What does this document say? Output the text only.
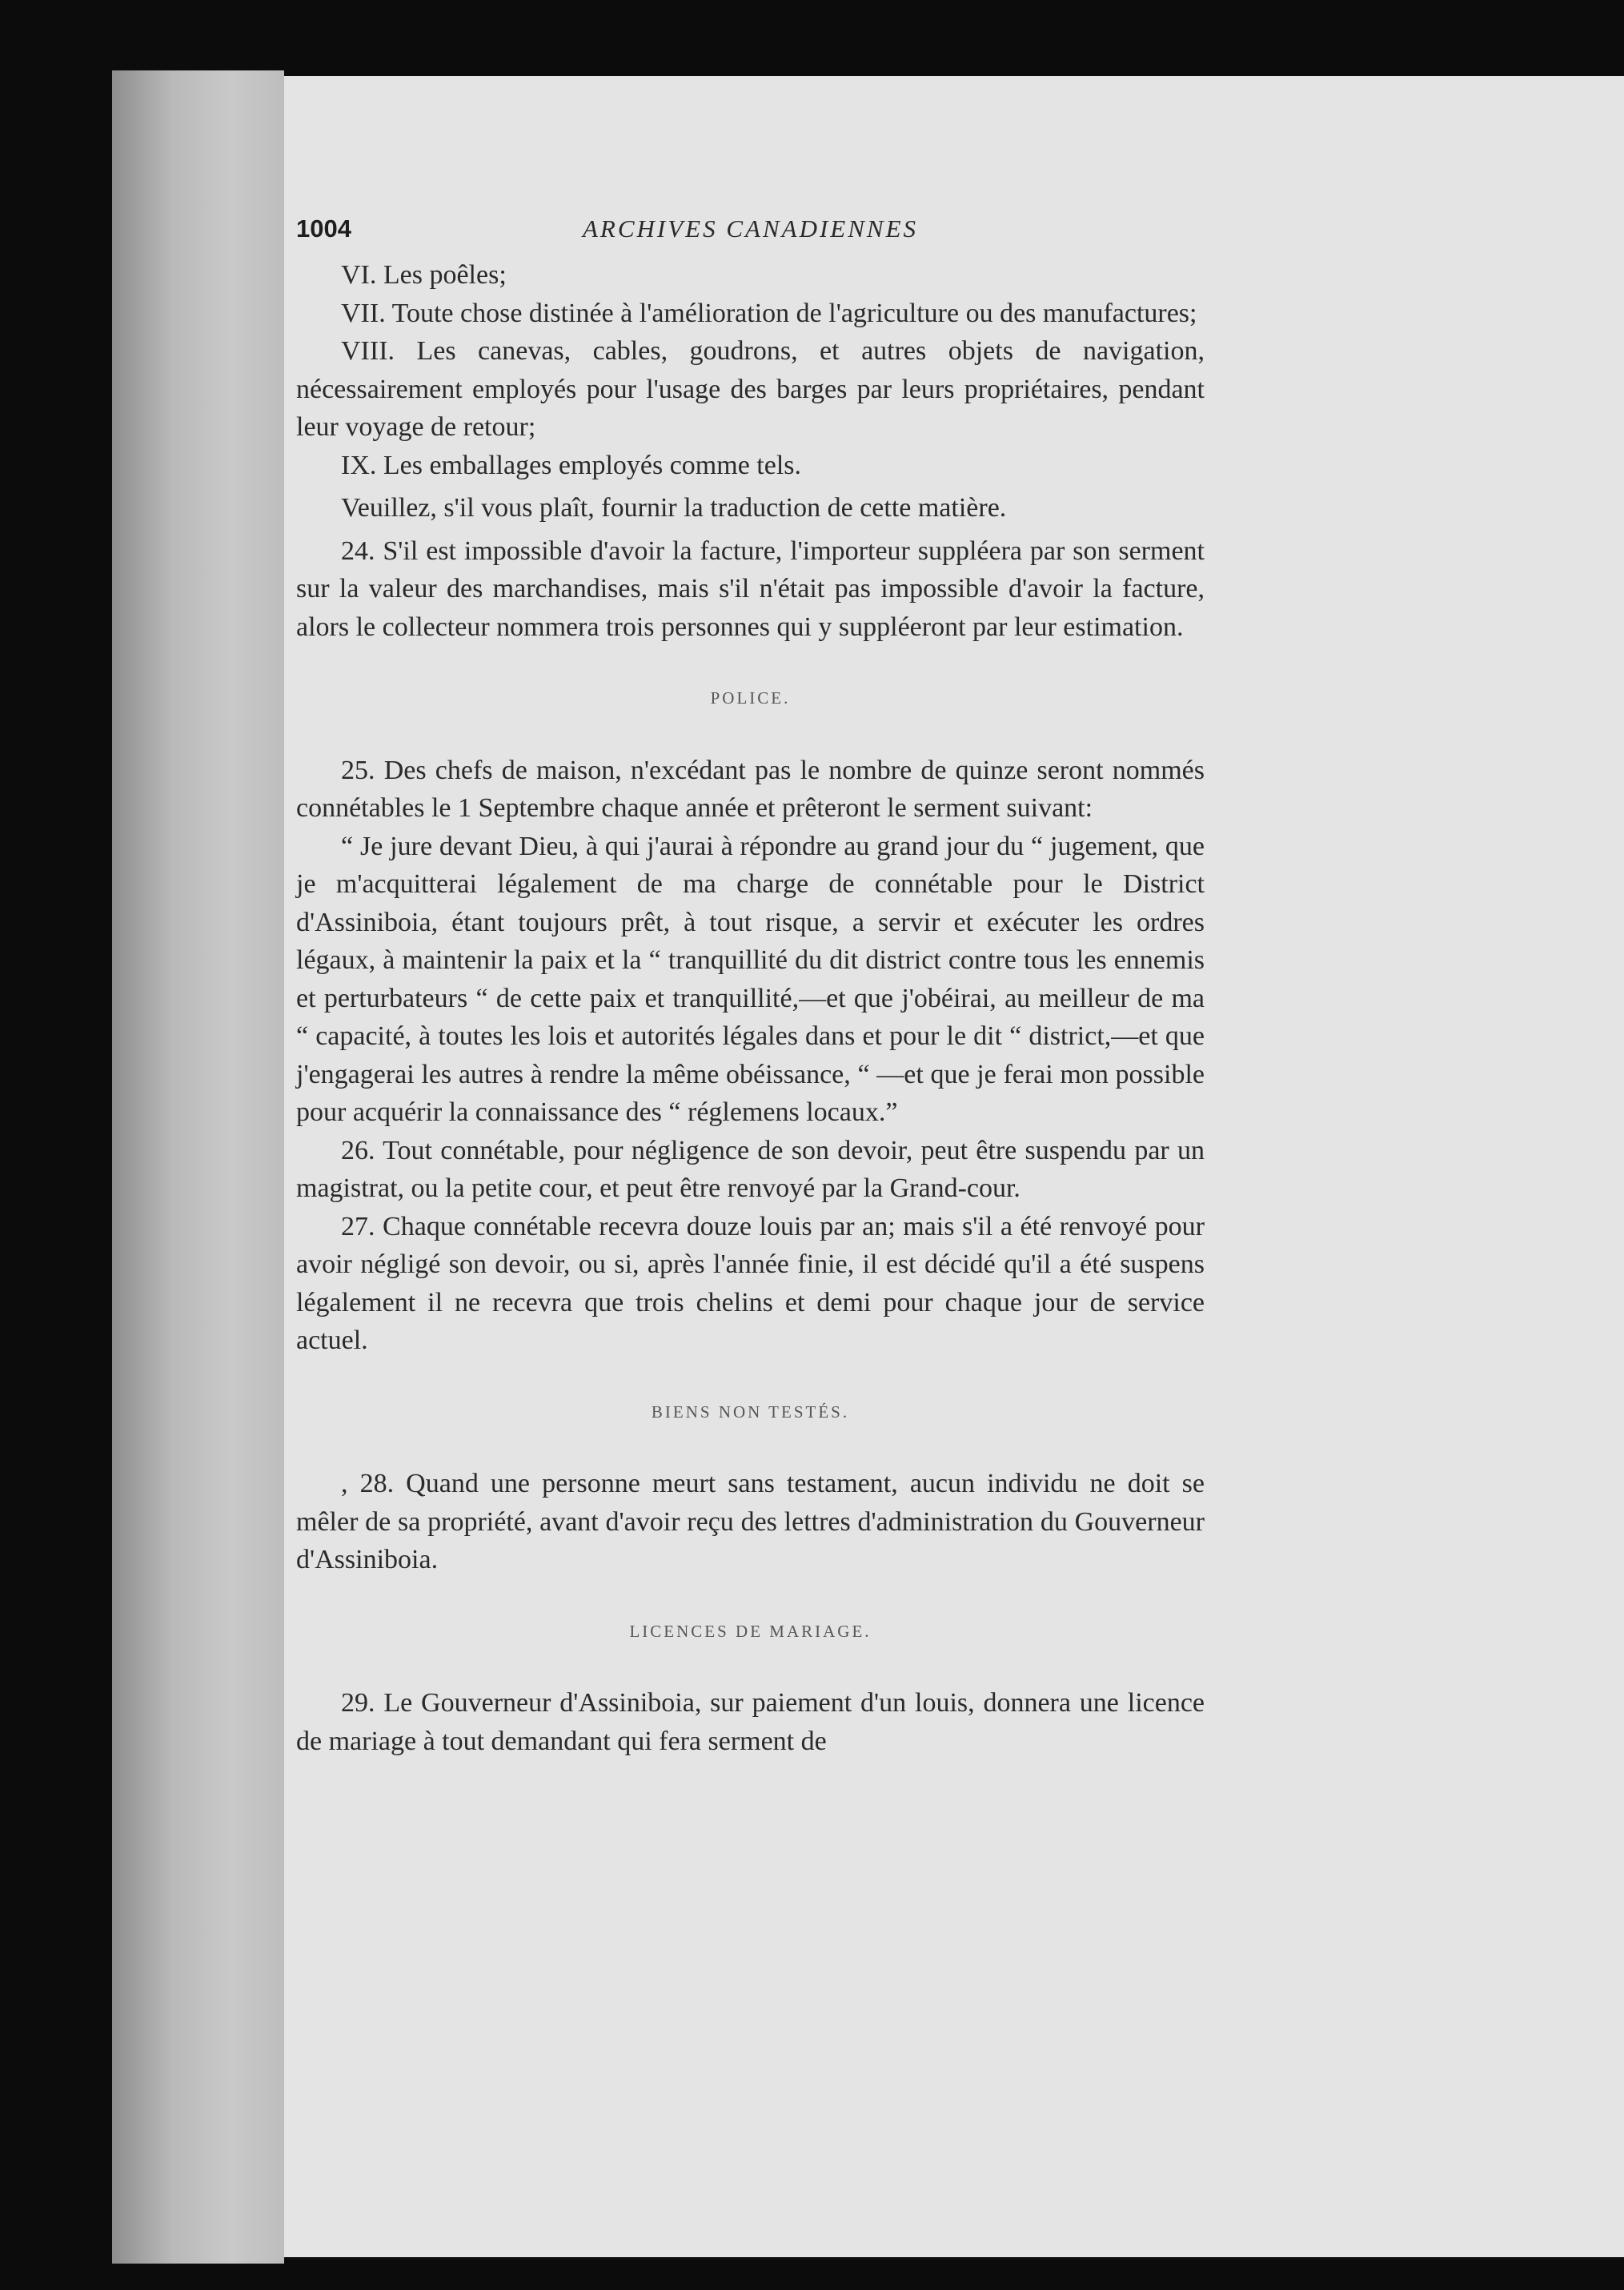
1004	ARCHIVES CANADIENNES

VI. Les poêles;

VII. Toute chose distinée à l'amélioration de l'agriculture ou des manufactures;

VIII. Les canevas, cables, goudrons, et autres objets de navigation, nécessairement employés pour l'usage des barges par leurs propriétaires, pendant leur voyage de retour;

IX. Les emballages employés comme tels.

Veuillez, s'il vous plaît, fournir la traduction de cette matière.

24. S'il est impossible d'avoir la facture, l'importeur suppléera par son serment sur la valeur des marchandises, mais s'il n'était pas impossible d'avoir la facture, alors le collecteur nommera trois personnes qui y suppléeront par leur estimation.

POLICE.

25. Des chefs de maison, n'excédant pas le nombre de quinze seront nommés connétables le 1 Septembre chaque année et prêteront le serment suivant:

“ Je jure devant Dieu, à qui j'aurai à répondre au grand jour du “ jugement, que je m'acquitterai légalement de ma charge de connétable pour le District d'Assiniboia, étant toujours prêt, à tout risque, a servir et exécuter les ordres légaux, à maintenir la paix et la “ tranquillité du dit district contre tous les ennemis et perturbateurs “ de cette paix et tranquillité,—et que j'obéirai, au meilleur de ma “ capacité, à toutes les lois et autorités légales dans et pour le dit “ district,—et que j'engagerai les autres à rendre la même obéissance, “ —et que je ferai mon possible pour acquérir la connaissance des “ réglemens locaux.”

26. Tout connétable, pour négligence de son devoir, peut être suspendu par un magistrat, ou la petite cour, et peut être renvoyé par la Grand-cour.

27. Chaque connétable recevra douze louis par an; mais s'il a été renvoyé pour avoir négligé son devoir, ou si, après l'année finie, il est décidé qu'il a été suspens légalement il ne recevra que trois chelins et demi pour chaque jour de service actuel.

BIENS NON TESTÉS.

, 28. Quand une personne meurt sans testament, aucun individu ne doit se mêler de sa propriété, avant d'avoir reçu des lettres d'administration du Gouverneur d'Assiniboia.

LICENCES DE MARIAGE.

29. Le Gouverneur d'Assiniboia, sur paiement d'un louis, donnera une licence de mariage à tout demandant qui fera serment de
